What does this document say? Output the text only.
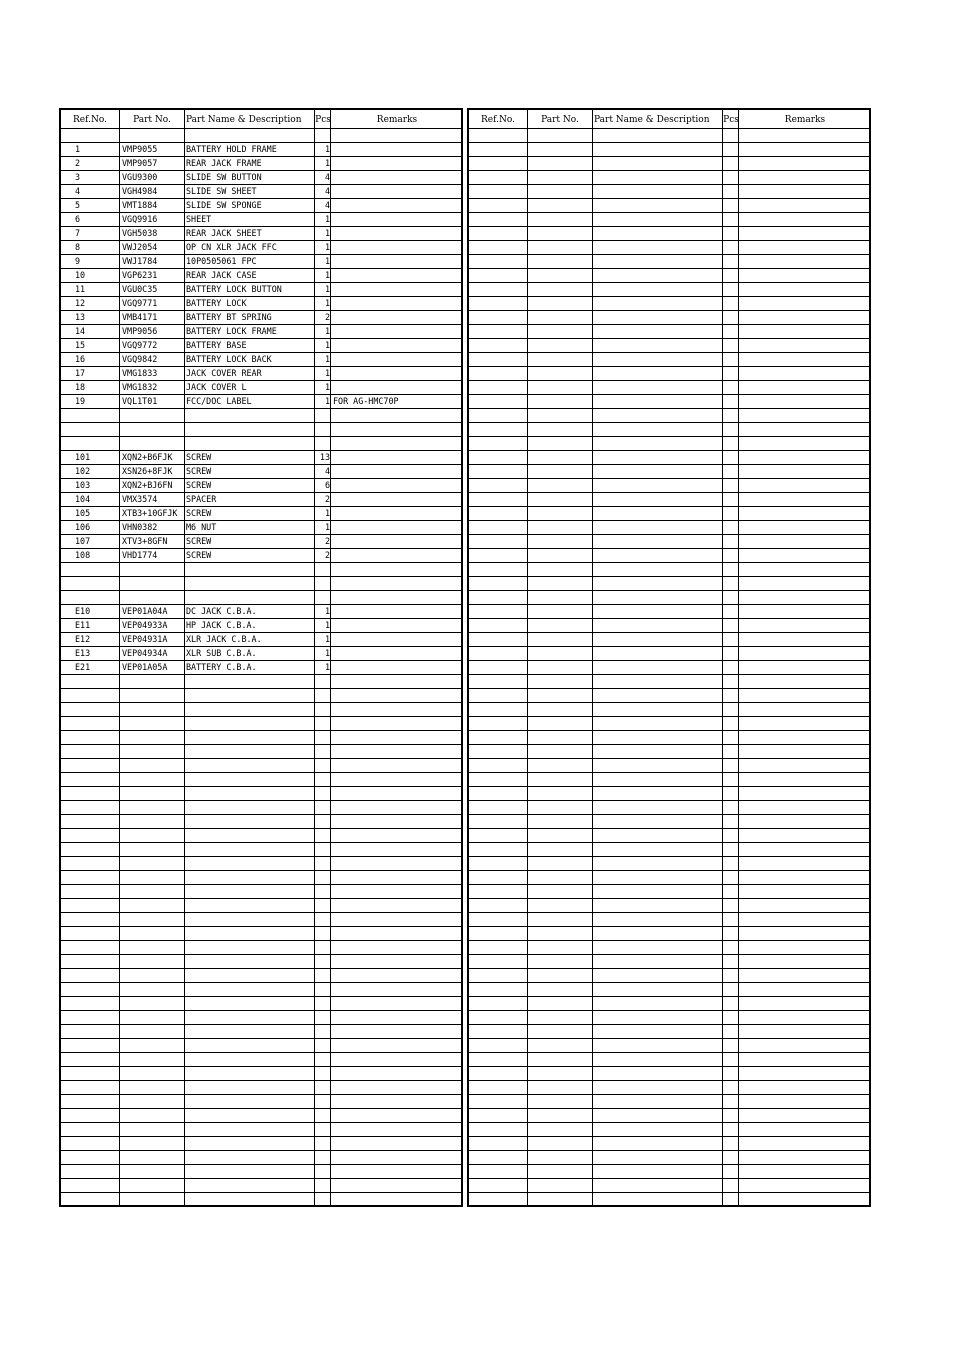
Ref.No.	Part No.	Part Name & Description	Pcs	Remarks
1	VMP9055	BATTERY HOLD FRAME	1
2	VMP9057	REAR JACK FRAME	1
3	VGU9300	SLIDE SW BUTTON	4
4	VGH4984	SLIDE SW SHEET	4
5	VMT1884	SLIDE SW SPONGE	4
6	VGQ9916	SHEET	1
7	VGH5038	REAR JACK SHEET	1
8	VWJ2054	OP CN XLR JACK FFC	1
9	VWJ1784	10P0505061 FPC	1
10	VGP6231	REAR JACK CASE	1
11	VGU0C35	BATTERY LOCK BUTTON	1
12	VGQ9771	BATTERY LOCK	1
13	VMB4171	BATTERY BT SPRING	2
14	VMP9056	BATTERY LOCK FRAME	1
15	VGQ9772	BATTERY BASE	1
16	VGQ9842	BATTERY LOCK BACK	1
17	VMG1833	JACK COVER REAR	1
18	VMG1832	JACK COVER L	1
19	VQL1T01	FCC/DOC LABEL	1 FOR AG-HMC70P
101	XQN2+B6FJK	SCREW	13
102	XSN26+8FJK	SCREW	4
103	XQN2+BJ6FN	SCREW	6
104	VMX3574	SPACER	2
105	XTB3+10GFJK	SCREW	1
106	VHN0382	M6 NUT	1
107	XTV3+8GFN	SCREW	2
108	VHD1774	SCREW	2
E10	VEP01A04A	DC JACK C.B.A.	1
E11	VEP04933A	HP JACK C.B.A.	1
E12	VEP04931A	XLR JACK C.B.A.	1
E13	VEP04934A	XLR SUB C.B.A.	1
E21	VEP01A05A	BATTERY C.B.A.	1
Ref.No.	Part No.	Part Name & Description	Pcs	Remarks
